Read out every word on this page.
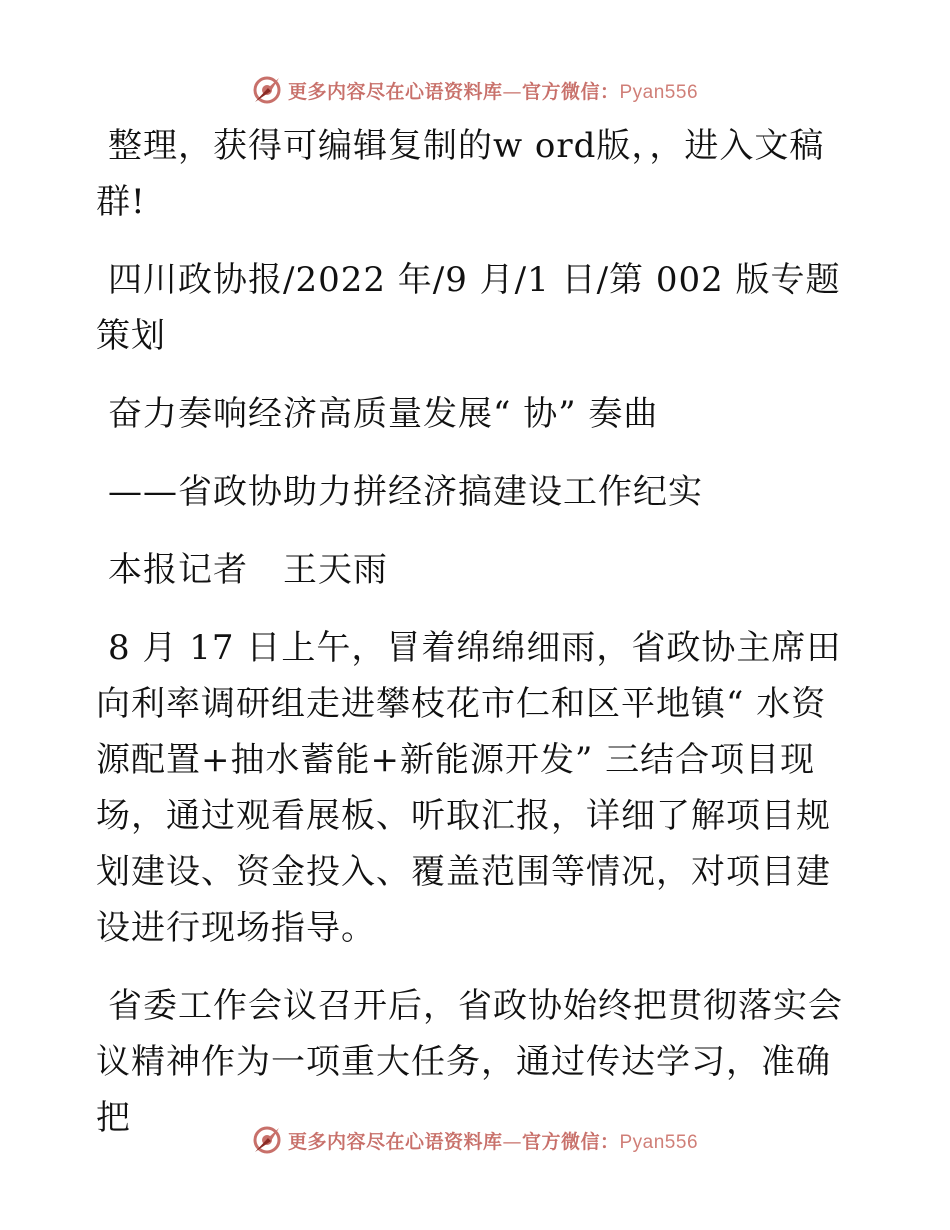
更多内容尽在心语资料库—官方微信：Pyan556

整理，获得可编辑复制的w ord版，，进入文稿群!

四川政协报/2022 年/9 月/1 日/第 002 版专题策划

奋力奏响经济高质量发展“ 协” 奏曲

——省政协助力拼经济搞建设工作纪实

本报记者　王天雨

8 月 17 日上午，冒着绵绵细雨，省政协主席田向利率调研组走进攀枝花市仁和区平地镇“ 水资源配置+抽水蓄能+新能源开发” 三结合项目现场，通过观看展板、听取汇报，详细了解项目规划建设、资金投入、覆盖范围等情况，对项目建设进行现场指导。

省委工作会议召开后，省政协始终把贯彻落实会议精神作为一项重大任务，通过传达学习，准确把

更多内容尽在心语资料库—官方微信：Pyan556
